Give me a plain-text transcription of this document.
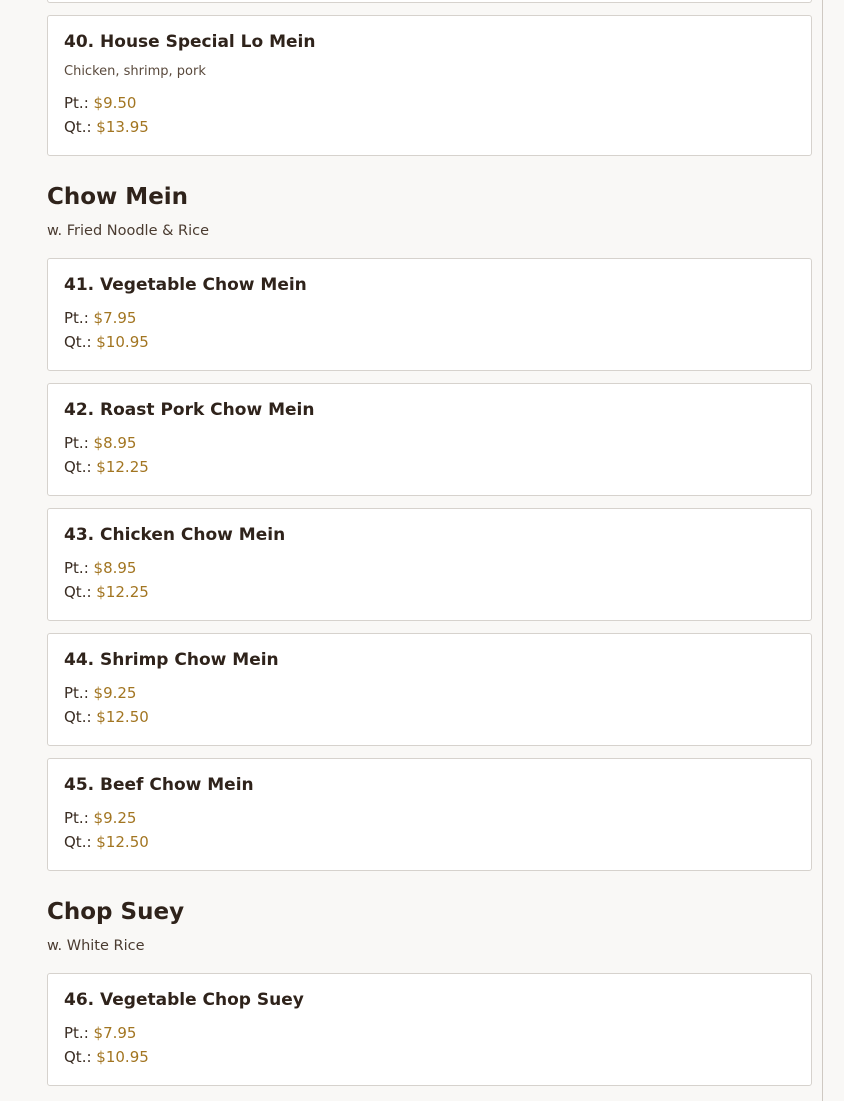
40. House Special Lo Mein
Chicken, shrimp, pork
Pt.: $9.50
Qt.: $13.95
Chow Mein
w. Fried Noodle & Rice
41. Vegetable Chow Mein
Pt.: $7.95
Qt.: $10.95
42. Roast Pork Chow Mein
Pt.: $8.95
Qt.: $12.25
43. Chicken Chow Mein
Pt.: $8.95
Qt.: $12.25
44. Shrimp Chow Mein
Pt.: $9.25
Qt.: $12.50
45. Beef Chow Mein
Pt.: $9.25
Qt.: $12.50
Chop Suey
w. White Rice
46. Vegetable Chop Suey
Pt.: $7.95
Qt.: $10.95
